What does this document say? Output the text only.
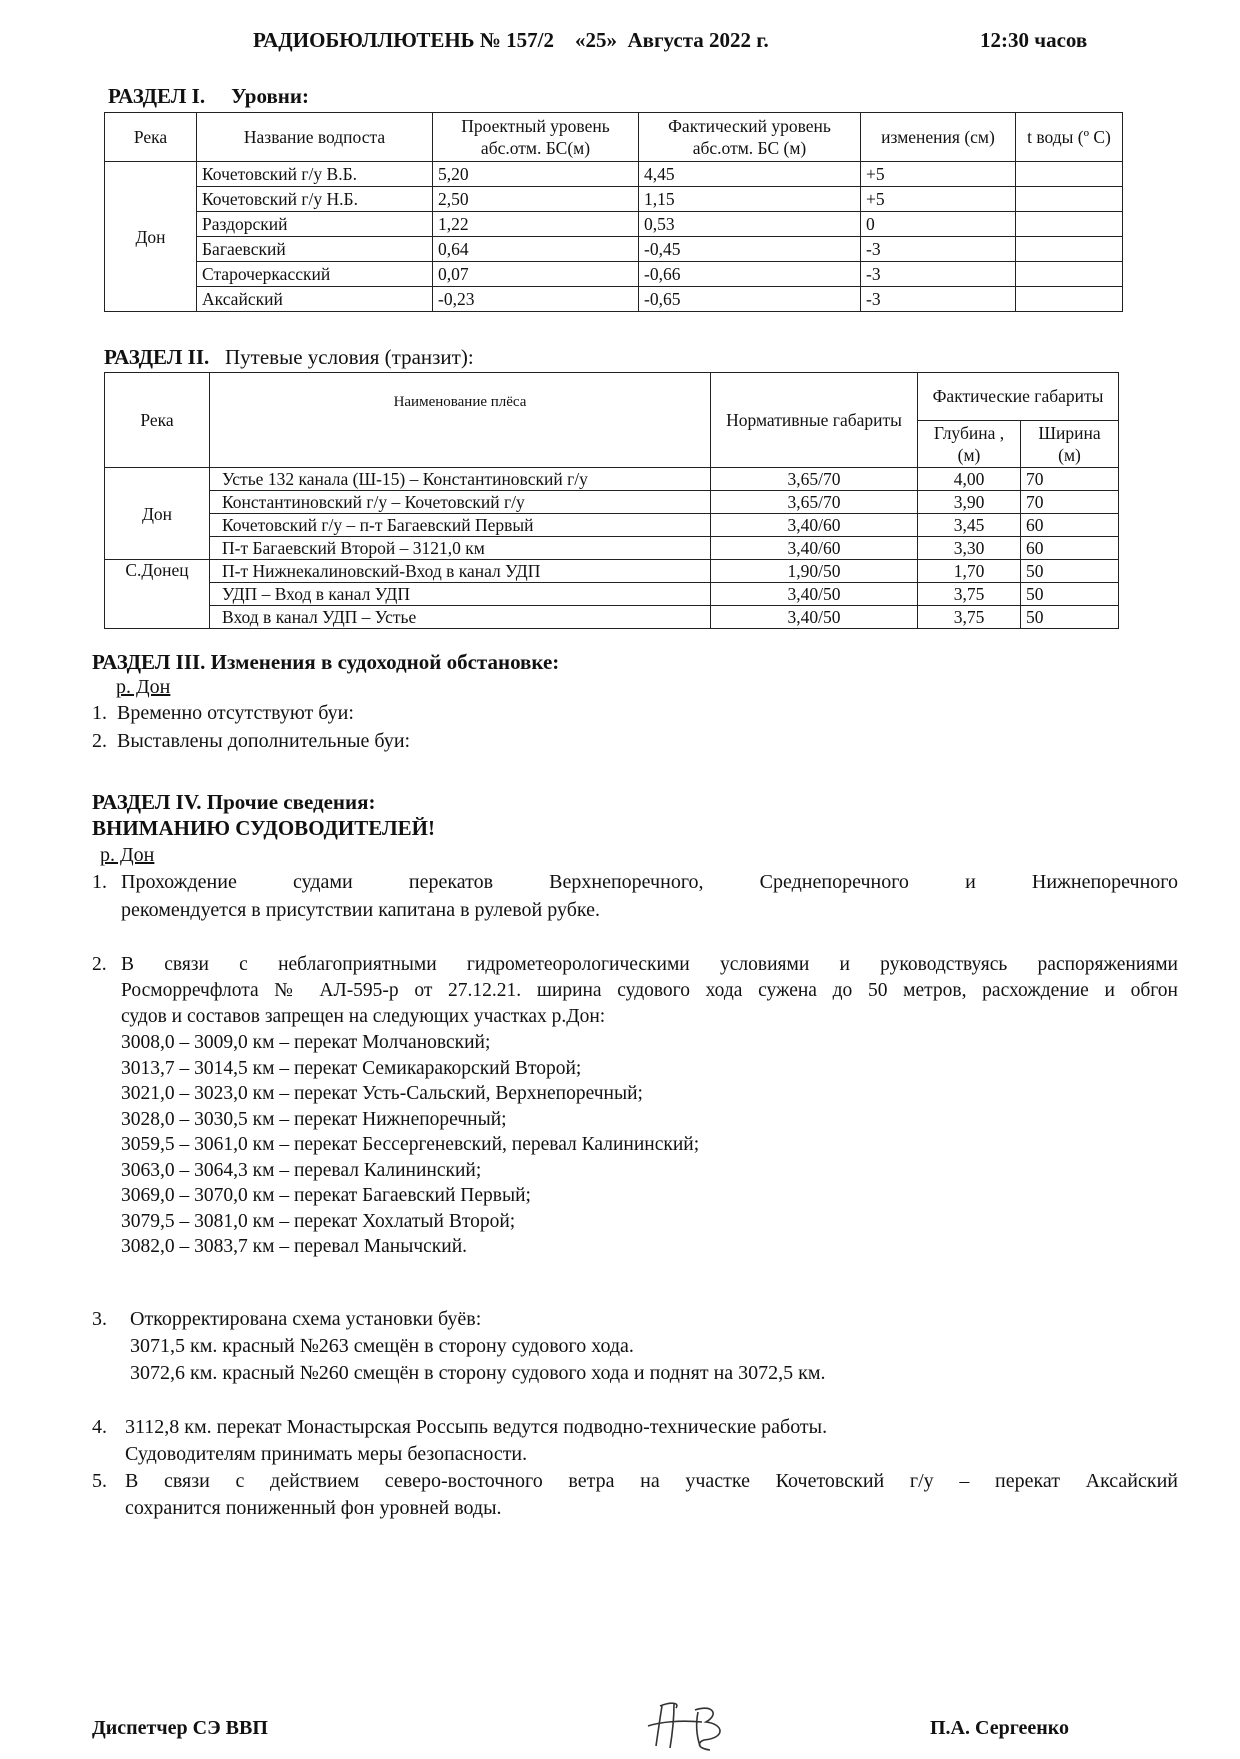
РАДИОБЮЛЛЮТЕНЬ № 157/2    «25»  Августа 2022 г.	12:30 часов
РАЗДЕЛ I. Уровни:
Река	Название водпоста	Проектный уровень абс.отм. БС(м)	Фактический уровень абс.отм. БС (м)	изменения (см)	t воды (º С)
Дон	Кочетовский г/у В.Б.	5,20	4,45	+5	
	Кочетовский г/у Н.Б.	2,50	1,15	+5	
	Раздорский	1,22	0,53	0	
	Багаевский	0,64	-0,45	-3	
	Старочеркасский	0,07	-0,66	-3	
	Аксайский	-0,23	-0,65	-3	
РАЗДЕЛ II. Путевые условия (транзит):
Река	Наименование плёса	Нормативные габариты	Фактические габариты	
			Глубина , (м)	Ширина (м)
Дон	Устье 132 канала (Ш-15) – Константиновский г/у	3,65/70	4,00	70
	Константиновский г/у – Кочетовский г/у	3,65/70	3,90	70
	Кочетовский г/у – п-т Багаевский Первый	3,40/60	3,45	60
	П-т Багаевский Второй – 3121,0 км	3,40/60	3,30	60
С.Донец	П-т Нижнекалиновский-Вход в канал УДП	1,90/50	1,70	50
	УДП – Вход в канал УДП	3,40/50	3,75	50
	Вход в канал УДП – Устье	3,40/50	3,75	50
РАЗДЕЛ III. Изменения в судоходной обстановке:
р. Дон
1.  Временно отсутствуют буи:
2.  Выставлены дополнительные буи:
РАЗДЕЛ IV. Прочие сведения:
ВНИМАНИЮ СУДОВОДИТЕЛЕЙ!
р. Дон
1. Прохождение судами перекатов Верхнепоречного, Среднепоречного и Нижнепоречного
рекомендуется в присутствии капитана в рулевой рубке.
2. В связи с неблагоприятными гидрометеорологическими условиями и руководствуясь распоряжениями
Росморречфлота № АЛ-595-р от 27.12.21. ширина судового хода сужена до 50 метров, расхождение и обгон
судов и составов запрещен на следующих участках р.Дон:
3008,0 – 3009,0 км – перекат Молчановский;
3013,7 – 3014,5 км – перекат Семикаракорский Второй;
3021,0 – 3023,0 км – перекат Усть-Сальский, Верхнепоречный;
3028,0 – 3030,5 км – перекат Нижнепоречный;
3059,5 – 3061,0 км – перекат Бессергеневский, перевал Калининский;
3063,0 – 3064,3 км – перевал Калининский;
3069,0 – 3070,0 км – перекат Багаевский Первый;
3079,5 – 3081,0 км – перекат Хохлатый Второй;
3082,0 – 3083,7 км – перевал Манычский.
3. Откорректирована схема установки буёв:
3071,5 км. красный №263 смещён в сторону судового хода.
3072,6 км. красный №260 смещён в сторону судового хода и поднят на 3072,5 км.
4. 3112,8 км. перекат Монастырская Россыпь ведутся подводно-технические работы.
Судоводителям принимать меры безопасности.
5. В связи с действием северо-восточного ветра на участке Кочетовский г/у – перекат Аксайский
сохранится пониженный фон уровней воды.
Диспетчер СЭ ВВП	П.А. Сергеенко
